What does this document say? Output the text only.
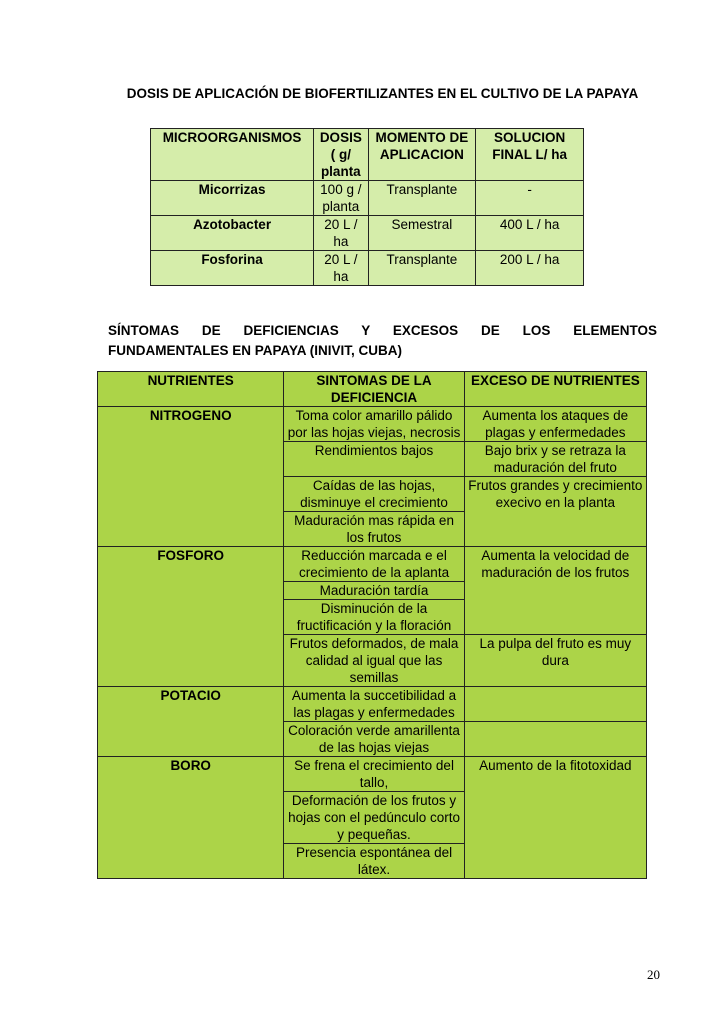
DOSIS DE APLICACIÓN DE BIOFERTILIZANTES EN EL CULTIVO DE LA PAPAYA
MICROORGANISMOS	DOSIS ( g/ planta	MOMENTO DE APLICACION	SOLUCION FINAL L/ ha
Micorrizas	100 g / planta	Transplante	-
Azotobacter	20 L / ha	Semestral	400 L / ha
Fosforina	20 L / ha	Transplante	200 L / ha
SÍNTOMAS DE DEFICIENCIAS Y EXCESOS DE LOS ELEMENTOS
FUNDAMENTALES EN PAPAYA (INIVIT, CUBA)
NUTRIENTES	SINTOMAS DE LA DEFICIENCIA	EXCESO DE NUTRIENTES
NITROGENO	Toma color amarillo pálido por las hojas viejas, necrosis	Aumenta los ataques de plagas y enfermedades
	Rendimientos bajos	Bajo brix y se retraza la maduración del fruto
	Caídas de las hojas, disminuye el crecimiento	Frutos grandes y crecimiento execivo en la planta
	Maduración mas rápida en los frutos	
FOSFORO	Reducción marcada e el crecimiento de la aplanta	Aumenta la velocidad de maduración de los frutos
	Maduración tardía	
	Disminución de la fructificación y la floración	
	Frutos deformados, de mala calidad al igual que las semillas	La pulpa del fruto es muy dura
POTACIO	Aumenta la succetibilidad a las plagas y enfermedades	
	Coloración verde amarillenta de las hojas viejas	
BORO	Se frena el crecimiento del tallo,	Aumento de la fitotoxidad
	Deformación de los frutos y hojas con el pedúnculo corto y pequeñas.	
	Presencia espontánea del látex.	
20
